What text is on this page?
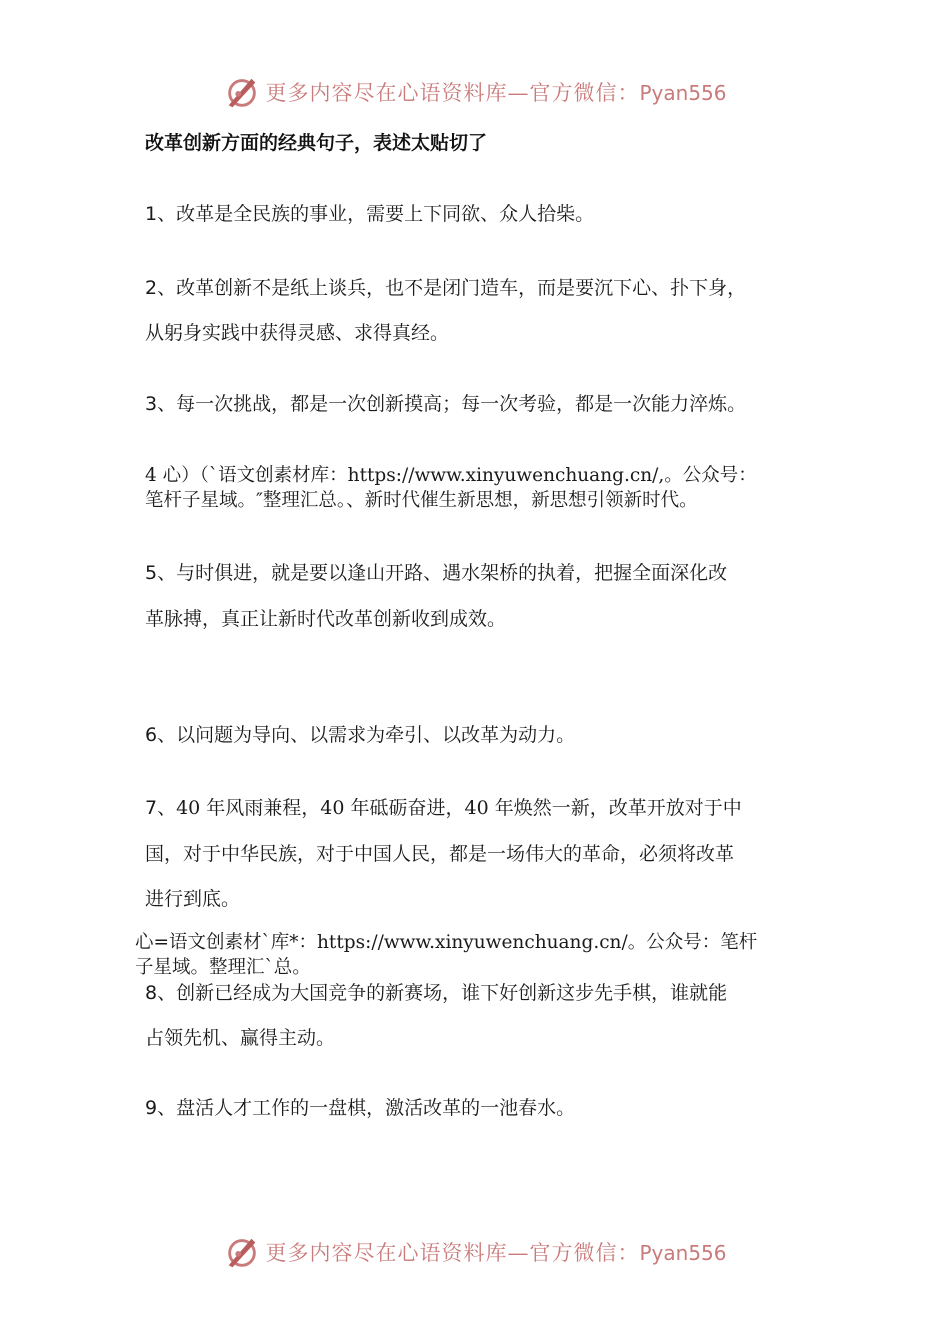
更多内容尽在心语资料库—官方微信：Pyan556
改革创新方面的经典句子，表述太贴切了
1、改革是全民族的事业，需要上下同欲、众人拾柴。
2、改革创新不是纸上谈兵，也不是闭门造车，而是要沉下心、扑下身，
从躬身实践中获得灵感、求得真经。
3、每一次挑战，都是一次创新摸高；每一次考验，都是一次能力淬炼。
4 心）（`语文创素材库：https://www.xinyuwenchuang.cn/,。公众号：
笔杆子星域。″整理汇总。、新时代催生新思想，新思想引领新时代。
5、与时俱进，就是要以逢山开路、遇水架桥的执着，把握全面深化改
革脉搏，真正让新时代改革创新收到成效。
6、以问题为导向、以需求为牵引、以改革为动力。
7、40 年风雨兼程，40 年砥砺奋进，40 年焕然一新，改革开放对于中
国，对于中华民族，对于中国人民，都是一场伟大的革命，必须将改革
进行到底。
心=语文创素材`库*：https://www.xinyuwenchuang.cn/。公众号：笔杆
子星域。整理汇`总。
8、创新已经成为大国竞争的新赛场，谁下好创新这步先手棋，谁就能
占领先机、赢得主动。
9、盘活人才工作的一盘棋，激活改革的一池春水。
更多内容尽在心语资料库—官方微信：Pyan556
